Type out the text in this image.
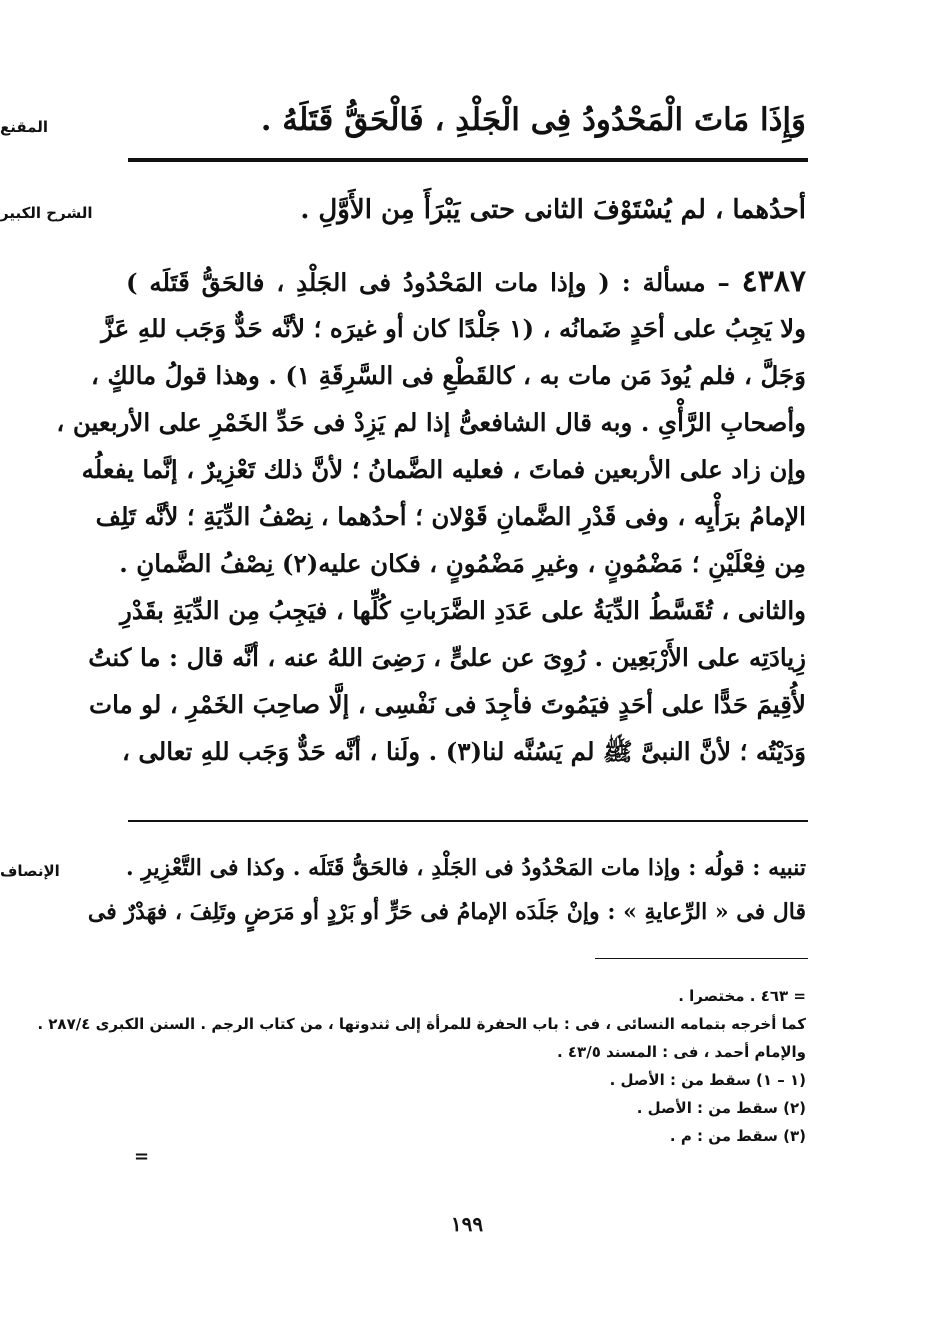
المقنع
الشرح الكبير
الإنصاف
وَإِذَا مَاتَ الْمَحْدُودُ فِى الْجَلْدِ ، فَالْحَقُّ قَتَلَهُ .
أحدُهما ، لم يُسْتَوْفَ الثانى حتى يَبْرَأَ مِن الأَوَّلِ .
٤٣٨٧ – مسألة : ( وإذا مات المَحْدُودُ فى الجَلْدِ ، فالحَقُّ قَتَلَه )
ولا يَجِبُ على أحَدٍ ضَمانُه ، (١ جَلْدًا كان أو غيرَه ؛ لأنَّه حَدٌّ وَجَب للهِ عَزَّ
وَجَلَّ ، فلم يُودَ مَن مات به ، كالقَطْعِ فى السَّرِقَةِ ١) . وهذا قولُ مالكٍ ،
وأصحابِ الرَّأْىِ . وبه قال الشافعىُّ إذا لم يَزِدْ فى حَدِّ الخَمْرِ على الأربعين ،
وإن زاد على الأربعين فماتَ ، فعليه الضَّمانُ ؛ لأنَّ ذلك تَعْزِيرٌ ، إنَّما يفعلُه
الإمامُ برَأْيِه ، وفى قَدْرِ الضَّمانِ قَوْلان ؛ أحدُهما ، نِصْفُ الدِّيَةِ ؛ لأنَّه تَلِف
مِن فِعْلَيْنِ ؛ مَضْمُونٍ ، وغيرِ مَضْمُونٍ ، فكان عليه(٢) نِصْفُ الضَّمانِ .
والثانى ، تُقَسَّطُ الدِّيَةُ على عَدَدِ الضَّرَباتِ كُلِّها ، فيَجِبُ مِن الدِّيَةِ بقَدْرِ
زِيادَتِه على الأَرْبَعِين . رُوِىَ عن علىٍّ ، رَضِىَ اللهُ عنه ، أنَّه قال : ما كنتُ
لأُقِيمَ حَدًّا على أحَدٍ فيَمُوتَ فأجِدَ فى نَفْسِى ، إلَّا صاحِبَ الخَمْرِ ، لو مات
وَدَيْتُه ؛ لأنَّ النبىَّ ﷺ لم يَسُنَّه لنا(٣) . ولَنا ، أنَّه حَدٌّ وَجَب للهِ تعالى ،
تنبيه : قولُه : وإذا مات المَحْدُودُ فى الجَلْدِ ، فالحَقُّ قَتَلَه . وكذا فى التَّعْزِيرِ .
قال فى « الرِّعايةِ » : وإنْ جَلَدَه الإمامُ فى حَرٍّ أو بَرْدٍ أو مَرَضٍ وتَلِفَ ، فهَدْرٌ فى
= ٤٦٣ . مختصرا .
كما أخرجه بتمامه النسائى ، فى : باب الحفرة للمرأة إلى ثندوتها ، من كتاب الرجم . السنن الكبرى ٢٨٧/٤ .
والإمام أحمد ، فى : المسند ٤٣/٥ .
(١ – ١) سقط من : الأصل .
(٢) سقط من : الأصل .
(٣) سقط من : م .
=
١٩٩
